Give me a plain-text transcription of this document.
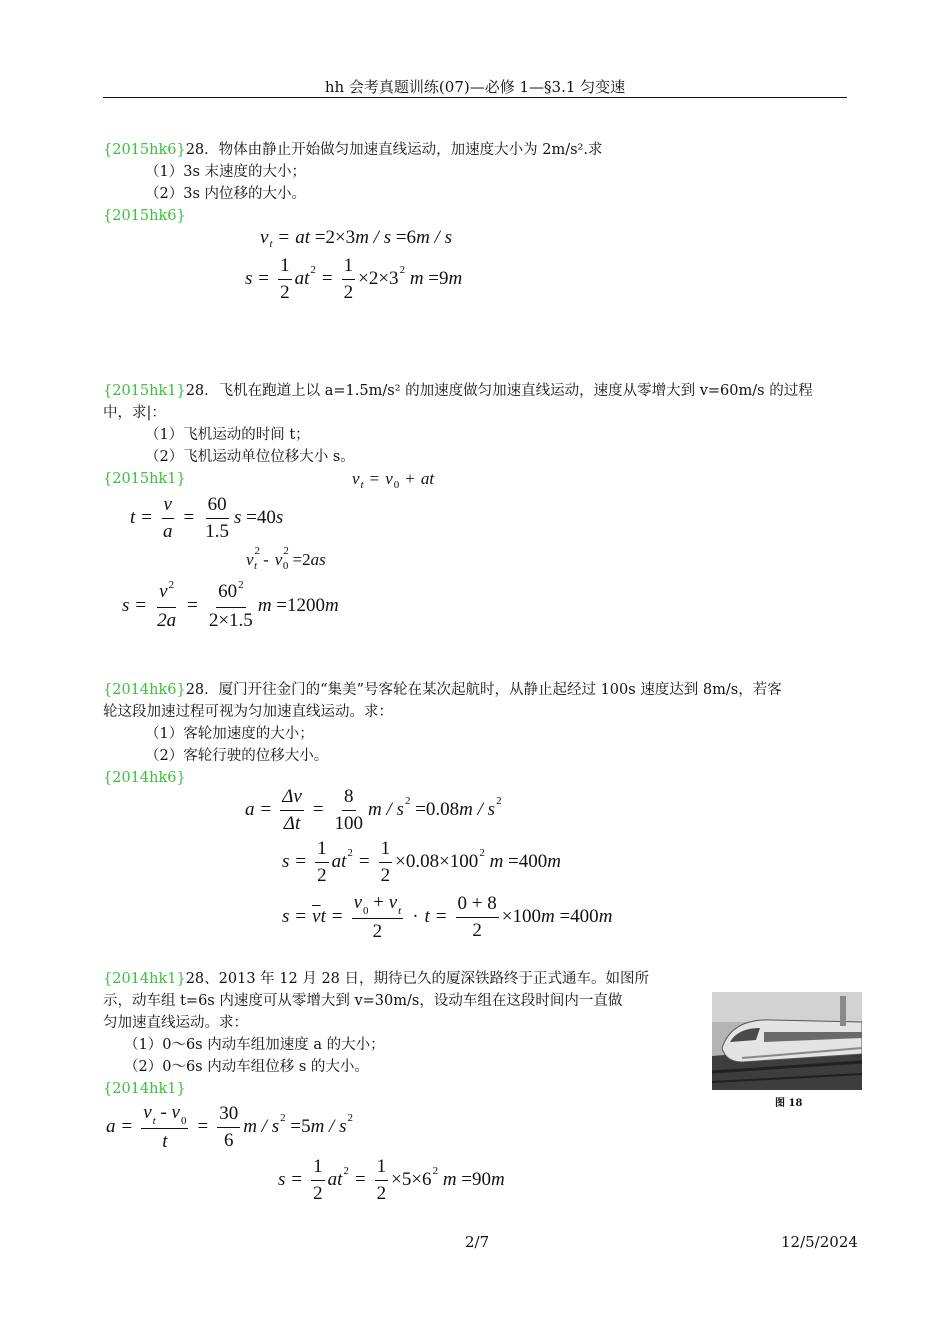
hh 会考真题训练(07)—必修 1—§3.1 匀变速
{2015hk6}28．物体由静止开始做匀加速直线运动，加速度大小为 2m/s².求
（1）3s 末速度的大小；
（2）3s 内位移的大小。
{2015hk6}
v t = at
=2×3 m / s
=6 m / s
$s = \frac{1}{2}$ at $2 = \frac{1}{2} \times 2\times 3$ 2
m
=9 m
{2015hk1}28．飞机在跑道上以 a=1.5m/s² 的加速度做匀加速直线运动，速度从零增大到 v=60m/s 的过程
中，求|：
（1）飞机运动的时间 t；
（2）飞机运动单位位移大小 s。
{2015hk1}	v t = v 0 + at
$t = \frac{v}{a} = \frac{60}{1.5}$ s
=40 s
v 2
t - v 2
0
=2 as
$s = \frac{v^2}{2a} = \frac{60^2}{2\times 1.5}$ m
=1200 m
{2014hk6}28．厦门开往金门的“集美”号客轮在某次起航时，从静止起经过 100s 速度达到 8m/s，若客
轮这段加速过程可视为匀加速直线运动。求：
（1）客轮加速度的大小；
（2）客轮行驶的位移大小。
{2014hk6}
$a = \frac{\Delta v}{\Delta t} = \frac{8}{100}$ m / s 2
=0.08 m / s 2
$s = \frac{1}{2}$ at $2 = \frac{1}{2} \times 0.08\times 100$ 2
m
=400 m
$s = \overline{v}$ $t = \frac{v_0 + v_t}{2} \cdot t = \frac{0 + 8}{2} \times 100$ m
=400 m
{2014hk1}28、2013 年 12 月 28 日，期待已久的厦深铁路终于正式通车。如图所
示，动车组 t=6s 内速度可从零增大到 v=30m/s，设动车组在这段时间内一直做
匀加速直线运动。求：
（1）0～6s 内动车组加速度 a 的大小；
（2）0～6s 内动车组位移 s 的大小。
{2014hk1}
图 18
$a = \frac{v_t - v_0}{t} = \frac{30}{6}$ m / s 2
=5 m / s 2
$s = \frac{1}{2}$ at $2 = \frac{1}{2} \times 5\times 6$ 2
m
=90 m
2/7	12/5/2024
